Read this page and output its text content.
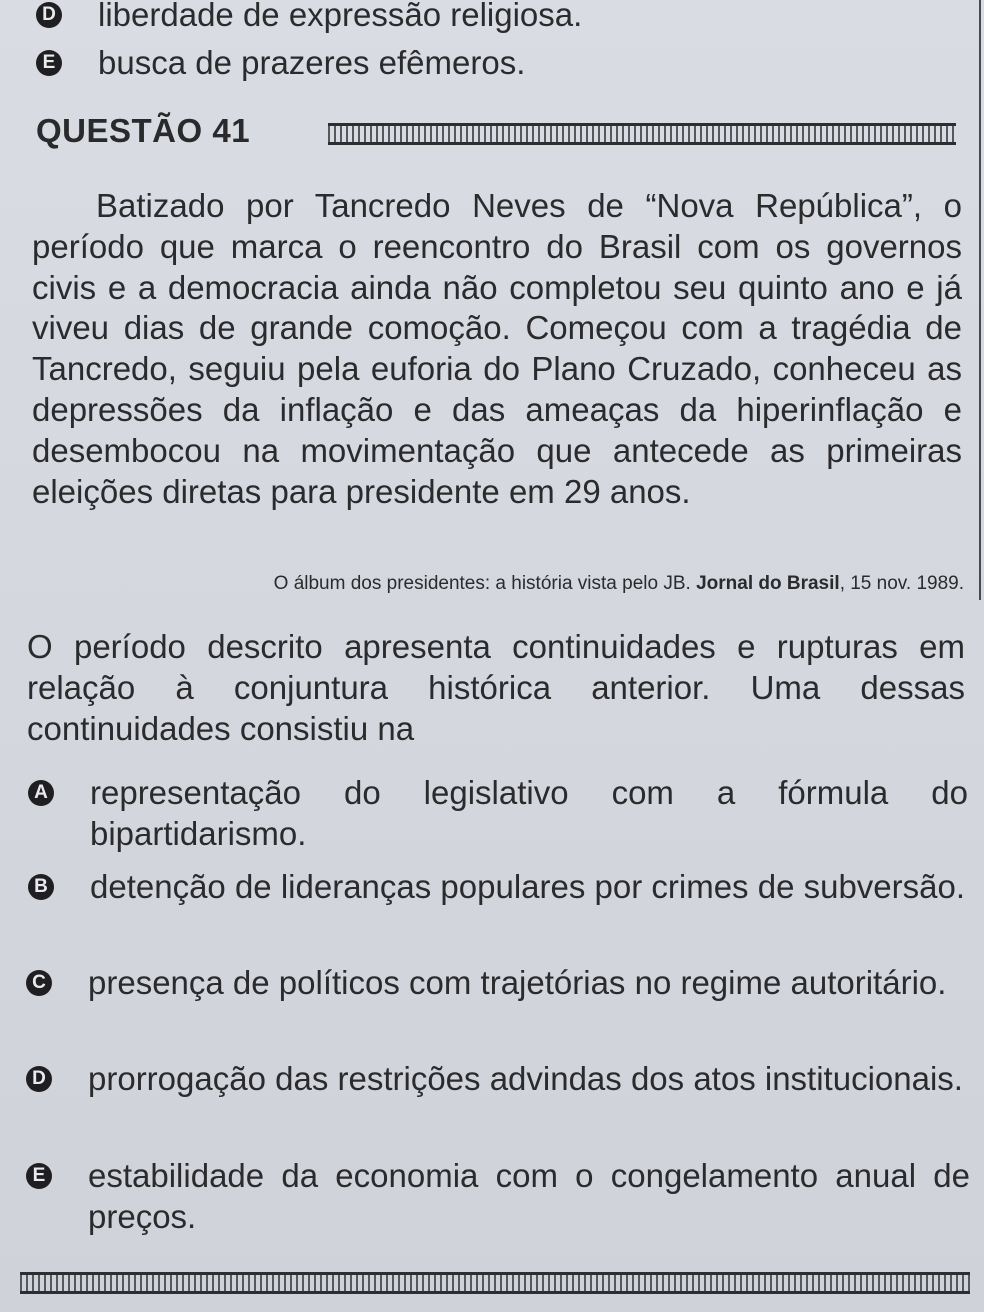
D liberdade de expressão religiosa.
E busca de prazeres efêmeros.
QUESTÃO 41
Batizado por Tancredo Neves de “Nova República”, o período que marca o reencontro do Brasil com os governos civis e a democracia ainda não completou seu quinto ano e já viveu dias de grande comoção. Começou com a tragédia de Tancredo, seguiu pela euforia do Plano Cruzado, conheceu as depressões da inflação e das ameaças da hiperinflação e desembocou na movimentação que antecede as primeiras eleições diretas para presidente em 29 anos.
O álbum dos presidentes: a história vista pelo JB. Jornal do Brasil, 15 nov. 1989.
O período descrito apresenta continuidades e rupturas em relação à conjuntura histórica anterior. Uma dessas continuidades consistiu na
A representação do legislativo com a fórmula do bipartidarismo.
B detenção de lideranças populares por crimes de subversão.
C presença de políticos com trajetórias no regime autoritário.
D prorrogação das restrições advindas dos atos institucionais.
E estabilidade da economia com o congelamento anual de preços.
